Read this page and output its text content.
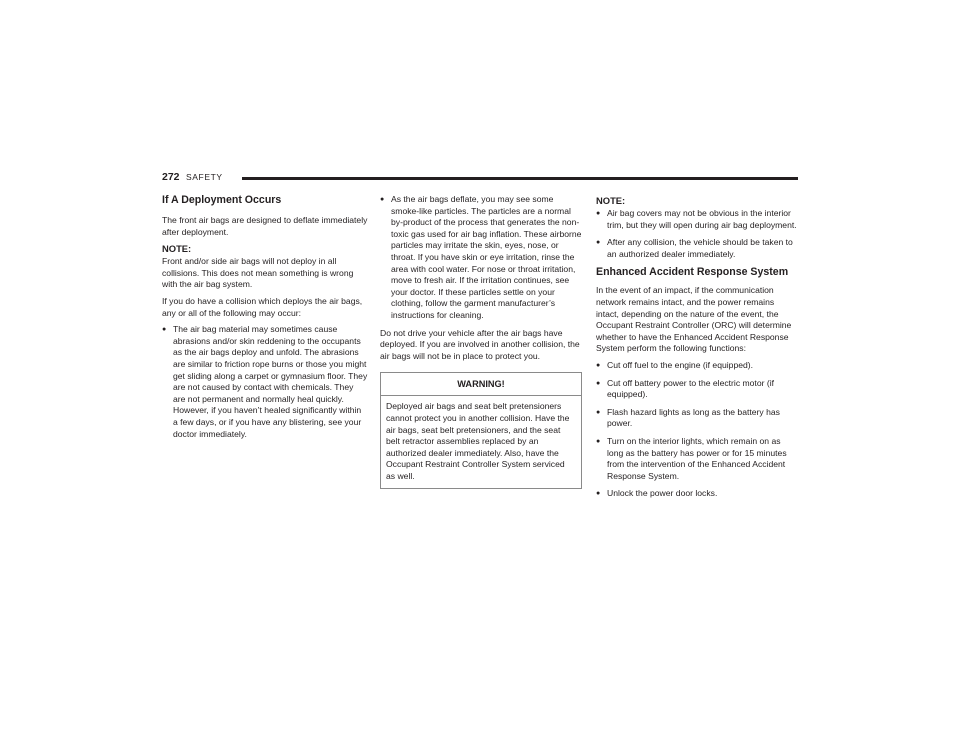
272 SAFETY
If A Deployment Occurs

The front air bags are designed to deflate immediately after deployment.

NOTE:

Front and/or side air bags will not deploy in all collisions. This does not mean something is wrong with the air bag system.

If you do have a collision which deploys the air bags, any or all of the following may occur:

● The air bag material may sometimes cause abrasions and/or skin reddening to the occupants as the air bags deploy and unfold. The abrasions are similar to friction rope burns or those you might get sliding along a carpet or gymnasium floor. They are not caused by contact with chemicals. They are not permanent and normally heal quickly. However, if you haven’t healed significantly within a few days, or if you have any blistering, see your doctor immediately.
● As the air bags deflate, you may see some smoke-like particles. The particles are a normal by-product of the process that generates the non-toxic gas used for air bag inflation. These airborne particles may irritate the skin, eyes, nose, or throat. If you have skin or eye irritation, rinse the area with cool water. For nose or throat irritation, move to fresh air. If the irritation continues, see your doctor. If these particles settle on your clothing, follow the garment manufacturer’s instructions for cleaning.

Do not drive your vehicle after the air bags have deployed. If you are involved in another collision, the air bags will not be in place to protect you.

WARNING!
Deployed air bags and seat belt pretensioners cannot protect you in another collision. Have the air bags, seat belt pretensioners, and the seat belt retractor assemblies replaced by an authorized dealer immediately. Also, have the Occupant Restraint Controller System serviced as well.
NOTE:
● Air bag covers may not be obvious in the interior trim, but they will open during air bag deployment.
● After any collision, the vehicle should be taken to an authorized dealer immediately.
Enhanced Accident Response System

In the event of an impact, if the communication network remains intact, and the power remains intact, depending on the nature of the event, the Occupant Restraint Controller (ORC) will determine whether to have the Enhanced Accident Response System perform the following functions:

● Cut off fuel to the engine (if equipped).
● Cut off battery power to the electric motor (if equipped).
● Flash hazard lights as long as the battery has power.
● Turn on the interior lights, which remain on as long as the battery has power or for 15 minutes from the intervention of the Enhanced Accident Response System.
● Unlock the power door locks.
